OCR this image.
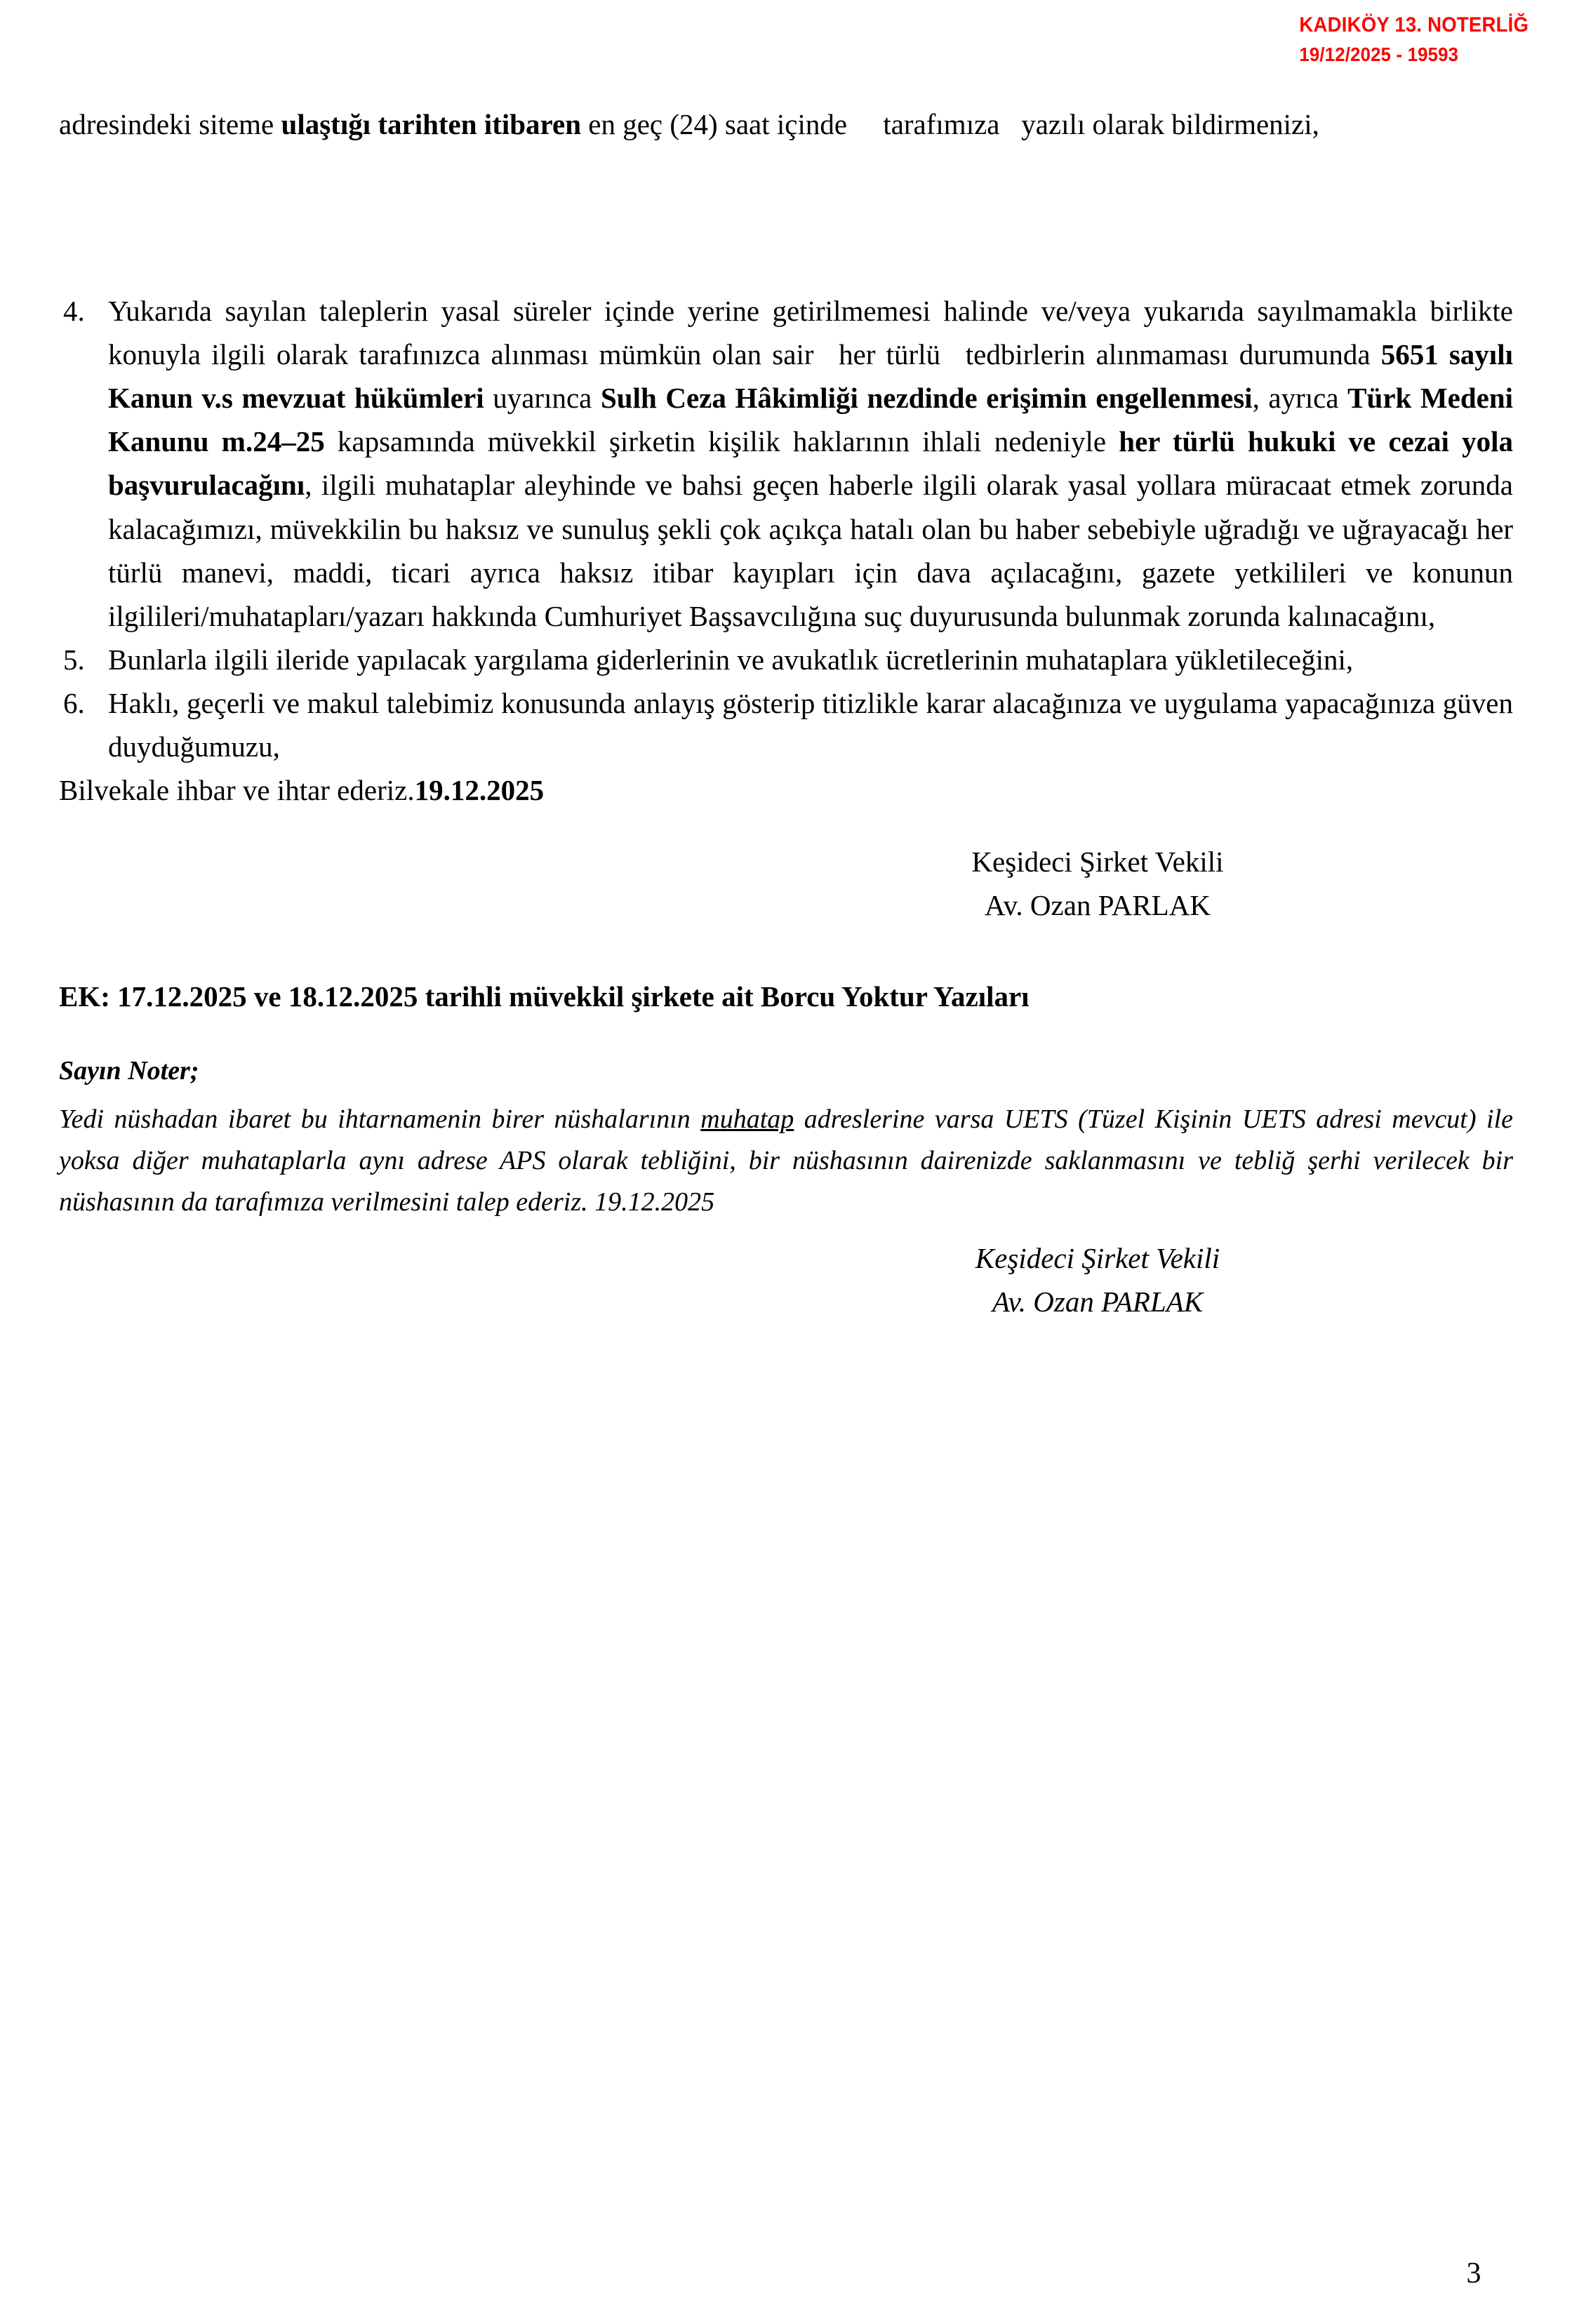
KADIKÖY 13. NOTERLİĞ
19/12/2025 - 19593

adresindeki siteme ulaştığı tarihten itibaren en geç (24) saat içinde  tarafımıza  yazılı olarak bildirmenizi,

4. Yukarıda sayılan taleplerin yasal süreler içinde yerine getirilmemesi halinde ve/veya yukarıda sayılmamakla birlikte konuyla ilgili olarak tarafınızca alınması mümkün olan sair  her türlü  tedbirlerin alınmaması durumunda 5651 sayılı Kanun v.s mevzuat hükümleri uyarınca Sulh Ceza Hâkimliği nezdinde erişimin engellenmesi, ayrıca Türk Medeni Kanunu m.24–25 kapsamında müvekkil şirketin kişilik haklarının ihlali nedeniyle her türlü hukuki ve cezai yola başvurulacağını, ilgili muhataplar aleyhinde ve bahsi geçen haberle ilgili olarak yasal yollara müracaat etmek zorunda kalacağımızı, müvekkilin bu haksız ve sunuluş şekli çok açıkça hatalı olan bu haber sebebiyle uğradığı ve uğrayacağı her türlü manevi, maddi, ticari ayrıca haksız itibar kayıpları için dava açılacağını, gazete yetkilileri ve konunun ilgilileri/muhatapları/yazarı hakkında Cumhuriyet Başsavcılığına suç duyurusunda bulunmak zorunda kalınacağını,
5. Bunlarla ilgili ileride yapılacak yargılama giderlerinin ve avukatlık ücretlerinin muhataplara yükletileceğini,
6. Haklı, geçerli ve makul talebimiz konusunda anlayış gösterip titizlikle karar alacağınıza ve uygulama yapacağınıza güven duyduğumuzu,

Bilvekale ihbar ve ihtar ederiz.19.12.2025

Keşideci Şirket Vekili
Av. Ozan PARLAK
EK: 17.12.2025 ve 18.12.2025 tarihli müvekkil şirkete ait Borcu Yoktur Yazıları

Sayın Noter;

Yedi nüshadan ibaret bu ihtarnamenin birer nüshalarının muhatap adreslerine varsa UETS (Tüzel Kişinin UETS adresi mevcut) ile yoksa diğer muhataplarla aynı adrese APS olarak tebliğini, bir nüshasının dairenizde saklanmasını ve tebliğ şerhi verilecek bir nüshasının da tarafımıza verilmesini talep ederiz. 19.12.2025

Keşideci Şirket Vekili
Av. Ozan PARLAK
3
